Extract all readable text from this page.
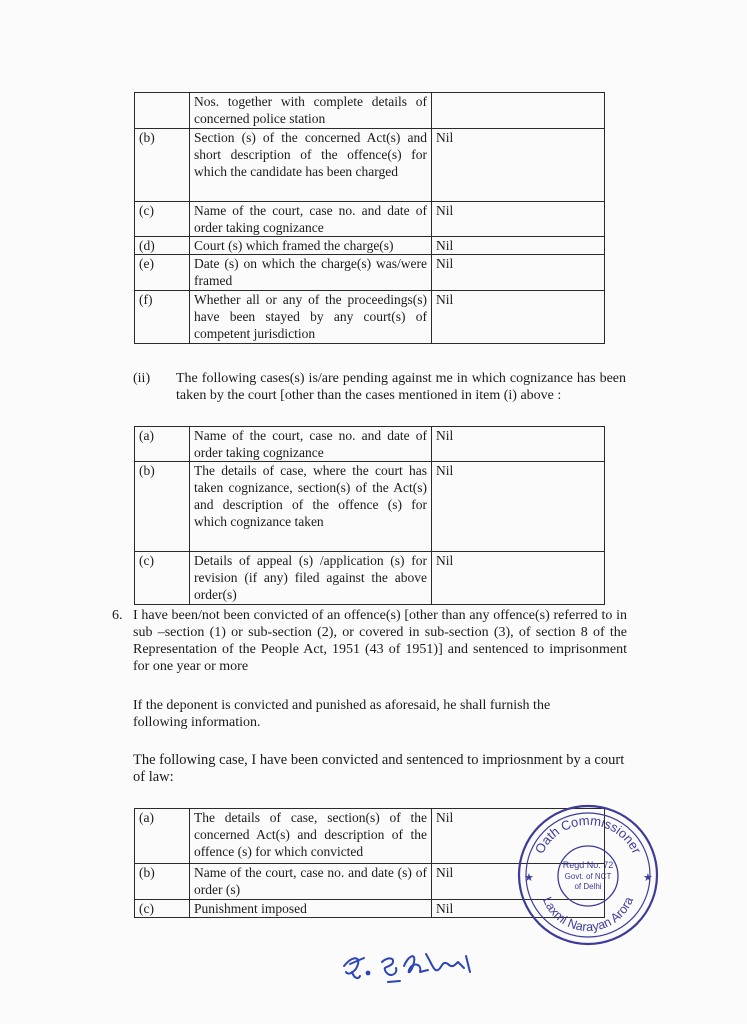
	Nos. together with complete details of concerned police station	
(b)	Section (s) of the concerned Act(s) and short description of the offence(s) for which the candidate has been charged	Nil
(c)	Name of the court, case no. and date of order taking cognizance	Nil
(d)	Court (s) which framed the charge(s)	Nil
(e)	Date (s) on which the charge(s) was/were framed	Nil
(f)	Whether all or any of the proceedings(s) have been stayed by any court(s) of competent jurisdiction	Nil
(ii)	The following cases(s) is/are pending against me in which cognizance has been taken by the court [other than the cases mentioned in item (i) above :
(a)	Name of the court, case no. and date of order taking cognizance	Nil
(b)	The details of case, where the court has taken cognizance, section(s) of the Act(s) and description of the offence (s) for which cognizance taken	Nil
(c)	Details of appeal (s) /application (s) for revision (if any) filed against the above order(s)	Nil
6. I have been/not been convicted of an offence(s) [other than any offence(s) referred to in sub –section (1) or sub-section (2), or covered in sub-section (3), of section 8 of the Representation of the People Act, 1951 (43 of 1951)] and sentenced to imprisonment for one year or more
If the deponent is convicted and punished as aforesaid, he shall furnish the following information.
The following case, I have been convicted and sentenced to impriosnment by a court of law:
(a)	The details of case, section(s) of the concerned Act(s) and description of the offence (s) for which convicted	Nil
(b)	Name of the court, case no. and date (s) of order (s)	Nil
(c)	Punishment imposed	Nil
Oath Commissioner
Laxmi Narayan Arora
★	★
Regd No. 72
Govt. of NCT
of Delhi
